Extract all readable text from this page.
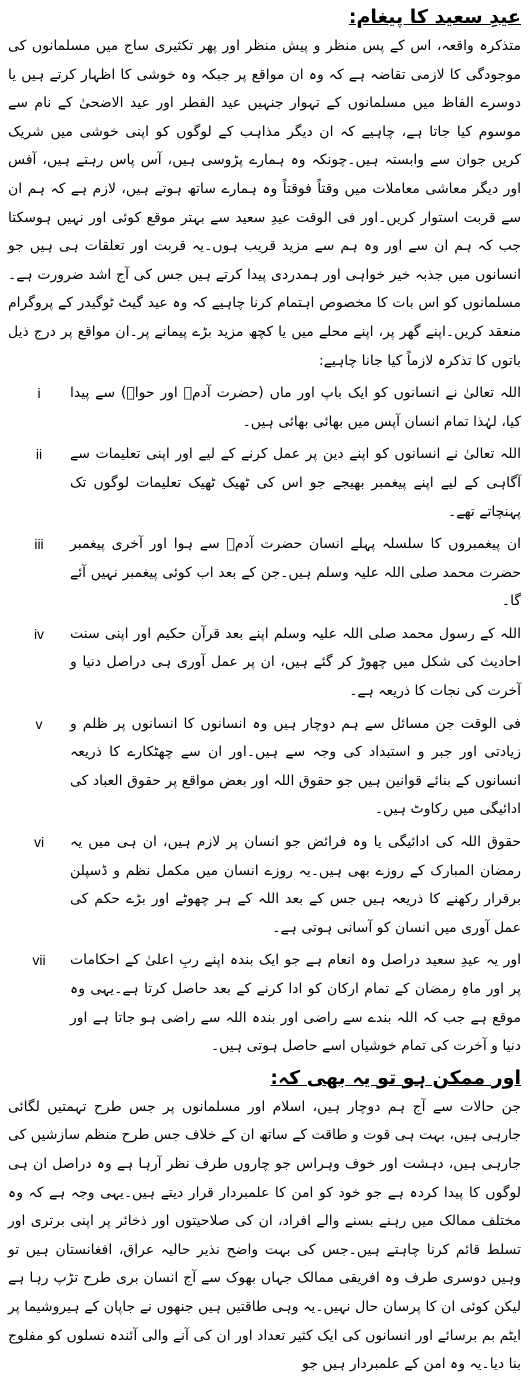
عیدِ سعید کا پیغام:

متذکرہ واقعہ، اس کے پس منظر و پیش منظر اور پھر تکثیری ساج میں مسلمانوں کی موجودگی کا لازمی تقاضہ ہے کہ وہ ان مواقع پر جبکہ وہ خوشی کا اظہار کرتے ہیں یا دوسرے الفاظ میں مسلمانوں کے تہوار جنہیں عید الفطر اور عید الاضحیٰ کے نام سے موسوم کیا جاتا ہے، چاہیے کہ ان دیگر مذاہب کے لوگوں کو اپنی خوشی میں شریک کریں جوان سے وابستہ ہیں۔چونکہ وہ ہمارے پڑوسی ہیں، آس پاس رہتے ہیں، آفس اور دیگر معاشی معاملات میں وقتاً فوقتاً وہ ہمارے ساتھ ہوتے ہیں، لازم ہے کہ ہم ان سے قربت استوار کریں۔اور فی الوقت عیدِ سعید سے بہتر موقع کوئی اور نہیں ہوسکتا جب کہ ہم ان سے اور وہ ہم سے مزید قریب ہوں۔یہ قربت اور تعلقات ہی ہیں جو انسانوں میں جذبہ خیر خواہی اور ہمدردی پیدا کرتے ہیں جس کی آج اشد ضرورت ہے۔مسلمانوں کو اس بات کا مخصوص اہتمام کرنا چاہیے کہ وہ عید گیٹ ٹوگیدر کے پروگرام منعقد کریں۔اپنے گھر پر، اپنے محلے میں یا کچھ مزید بڑے پیمانے پر۔ان مواقع پر درج ذیل باتوں کا تذکرہ لازماً کیا جانا چاہیے:

اللہ تعالیٰ نے انسانوں کو ایک باپ اور ماں (حضرت آدمؑ اور حواؑ) سے پیدا کیا، لہٰذا تمام انسان آپس میں بھائی بھائی ہیں۔
i
اللہ تعالیٰ نے انسانوں کو اپنے دین پر عمل کرنے کے لیے اور اپنی تعلیمات سے آگاہی کے لیے اپنے پیغمبر بھیجے جو اس کی ٹھیک ٹھیک تعلیمات لوگوں تک پہنچاتے تھے۔
ii
ان پیغمبروں کا سلسلہ پہلے انسان حضرت آدمؑ سے ہوا اور آخری پیغمبر حضرت محمد صلی اللہ علیہ وسلم ہیں۔جن کے بعد اب کوئی پیغمبر نہیں آئے گا۔
iii
اللہ کے رسول محمد صلی اللہ علیہ وسلم اپنے بعد قرآن حکیم اور اپنی سنت احادیث کی شکل میں چھوڑ کر گئے ہیں، ان پر عمل آوری ہی دراصل دنیا و آخرت کی نجات کا ذریعہ ہے۔
iv
فی الوقت جن مسائل سے ہم دوچار ہیں وہ انسانوں کا انسانوں پر ظلم و زیادتی اور جبر و استبداد کی وجہ سے ہیں۔اور ان سے چھٹکارے کا ذریعہ انسانوں کے بنائے قوانین ہیں جو حقوق اللہ اور بعض مواقع پر حقوق العباد کی ادائیگی میں رکاوٹ ہیں۔
v
حقوق اللہ کی ادائیگی یا وہ فرائض جو انسان پر لازم ہیں، ان ہی میں یہ رمضان المبارک کے روزے بھی ہیں۔یہ روزے انسان میں مکمل نظم و ڈسپلن برقرار رکھنے کا ذریعہ ہیں جس کے بعد اللہ کے ہر چھوٹے اور بڑے حکم کی عمل آوری میں انسان کو آسانی ہوتی ہے۔
vi
اور یہ عیدِ سعید دراصل وہ انعام ہے جو ایک بندہ اپنے ربِ اعلیٰ کے احکامات پر اور ماہِ رمضان کے تمام ارکان کو ادا کرنے کے بعد حاصل کرتا ہے۔یہی وہ موقع ہے جب کہ اللہ بندے سے راضی اور بندہ اللہ سے راضی ہو جاتا ہے اور دنیا و آخرت کی تمام خوشیاں اسے حاصل ہوتی ہیں۔
vii
اور ممکن ہو تو یہ بھی کہ:

جن حالات سے آج ہم دوچار ہیں، اسلام اور مسلمانوں پر جس طرح تہمتیں لگائی جارہی ہیں، بہت ہی قوت و طاقت کے ساتھ ان کے خلاف جس طرح منظم سازشیں کی جارہی ہیں، دہشت اور خوف وہراس جو چاروں طرف نظر آرہا ہے وہ دراصل ان ہی لوگوں کا پیدا کردہ ہے جو خود کو امن کا علمبردار قرار دیتے ہیں۔یہی وجہ ہے کہ وہ مختلف ممالک میں رہنے بسنے والے افراد، ان کی صلاحیتوں اور ذخائر پر اپنی برتری اور تسلط قائم کرنا چاہتے ہیں۔جس کی بہت واضح نذیر حالیہ عراق، افغانستان ہیں تو وہیں دوسری طرف وہ افریقی ممالک جہاں بھوک سے آج انسان بری طرح تڑپ رہا ہے لیکن کوئی ان کا پرسان حال نہیں۔یہ وہی طاقتیں ہیں جنھوں نے جاپان کے ہیروشیما پر ایٹم بم برسائے اور انسانوں کی ایک کثیر تعداد اور ان کی آنے والی آئندہ نسلوں کو مفلوج بنا دیا۔یہ وہ امن کے علمبردار ہیں جو
